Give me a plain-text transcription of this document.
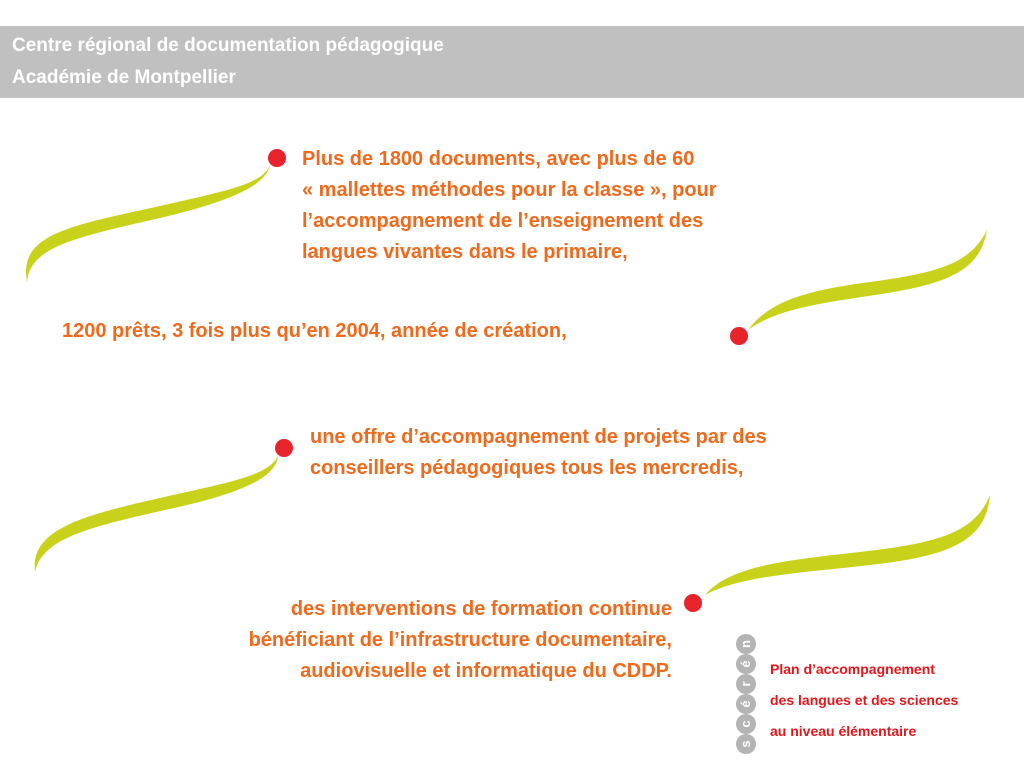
Centre régional de documentation pédagogique
Académie de Montpellier
Plus de 1800 documents, avec plus de 60
« mallettes méthodes pour la classe », pour
l’accompagnement de l’enseignement des
langues vivantes dans le primaire,
1200 prêts, 3 fois plus qu’en 2004, année de création,
une offre d’accompagnement de projets par des
conseillers pédagogiques tous les mercredis,
des interventions de formation continue
bénéficiant de l’infrastructure documentaire,
audiovisuelle et informatique du CDDP.
s
c
é
r
é
n
Plan d’accompagnement
des langues et des sciences
au niveau élémentaire
